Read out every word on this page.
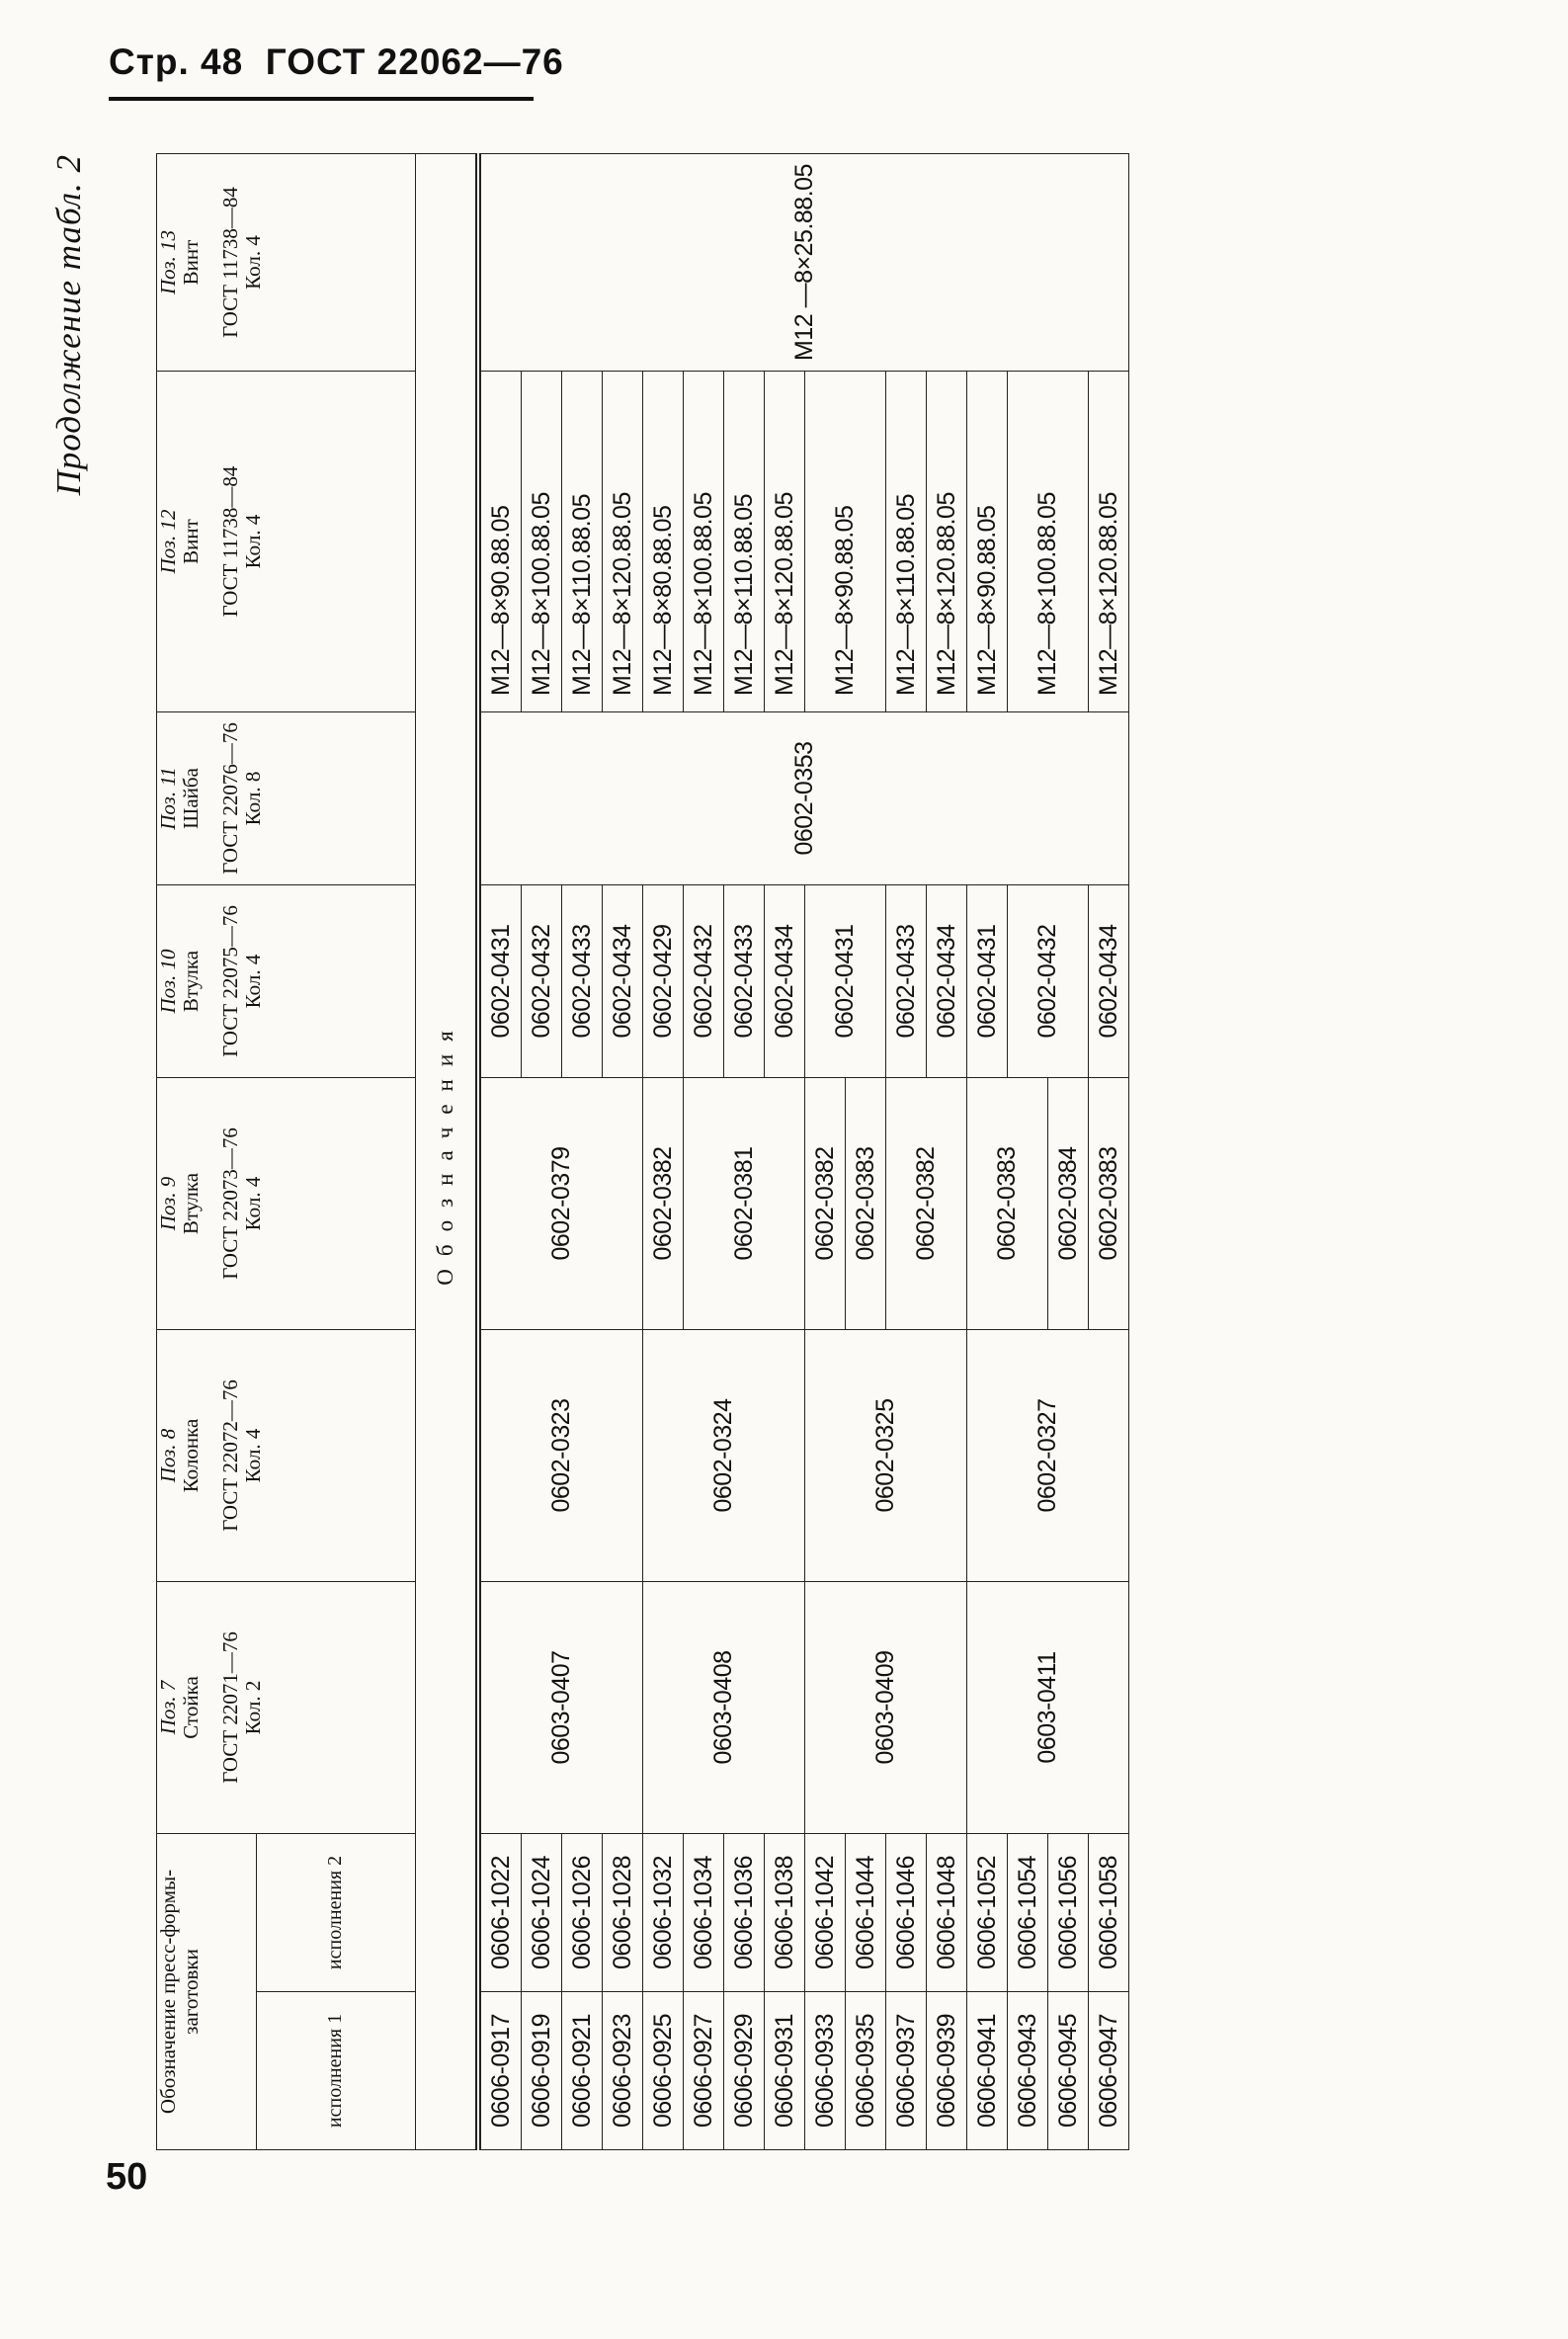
Стр. 48 ГОСТ 22062—76
Продолжение табл. 2
Обозначение пресс-формы-заготовки		Поз. 7
Стойка ГОСТ 22071—76
Кол. 2	Поз. 8
Колонка ГОСТ 22072—76
Кол. 4	Поз. 9
Втулка ГОСТ 22073—76
Кол. 4	Поз. 10
Втулка ГОСТ 22075—76
Кол. 4	Поз. 11
Шайба ГОСТ 22076—76
Кол. 8	Поз. 12
Винт ГОСТ 11738—84
Кол. 4	Поз. 13
Винт ГОСТ 11738—84
Кол. 4
исполнения 1	исполнения 2							
Обозначения								
0606-0917	0606-1022	0603-0407	0602-0323	0602-0379	0602-0431	0602-0353	M12—8×90.88.05	M12 —8×25.88.05
0606-0919	0606-1024				0602-0432		M12—8×100.88.05	
0606-0921	0606-1026				0602-0433		M12—8×110.88.05	
0606-0923	0606-1028				0602-0434		M12—8×120.88.05	
0606-0925	0606-1032	0603-0408	0602-0324	0602-0382	0602-0429		M12—8×80.88.05	
0606-0927	0606-1034			0602-0381	0602-0432		M12—8×100.88.05	
0606-0929	0606-1036				0602-0433		M12—8×110.88.05	
0606-0931	0606-1038				0602-0434		M12—8×120.88.05	
0606-0933	0606-1042	0603-0409	0602-0325	0602-0382	0602-0431		M12—8×90.88.05	
0606-0935	0606-1044			0602-0383				
0606-0937	0606-1046			0602-0382	0602-0433		M12—8×110.88.05	
0606-0939	0606-1048				0602-0434		M12—8×120.88.05	
0606-0941	0606-1052	0603-0411	0602-0327	0602-0383	0602-0431		M12—8×90.88.05	
0606-0943	0606-1054				0602-0432		M12—8×100.88.05	
0606-0945	0606-1056			0602-0384				
0606-0947	0606-1058			0602-0383	0602-0434		M12—8×120.88.05	
50
